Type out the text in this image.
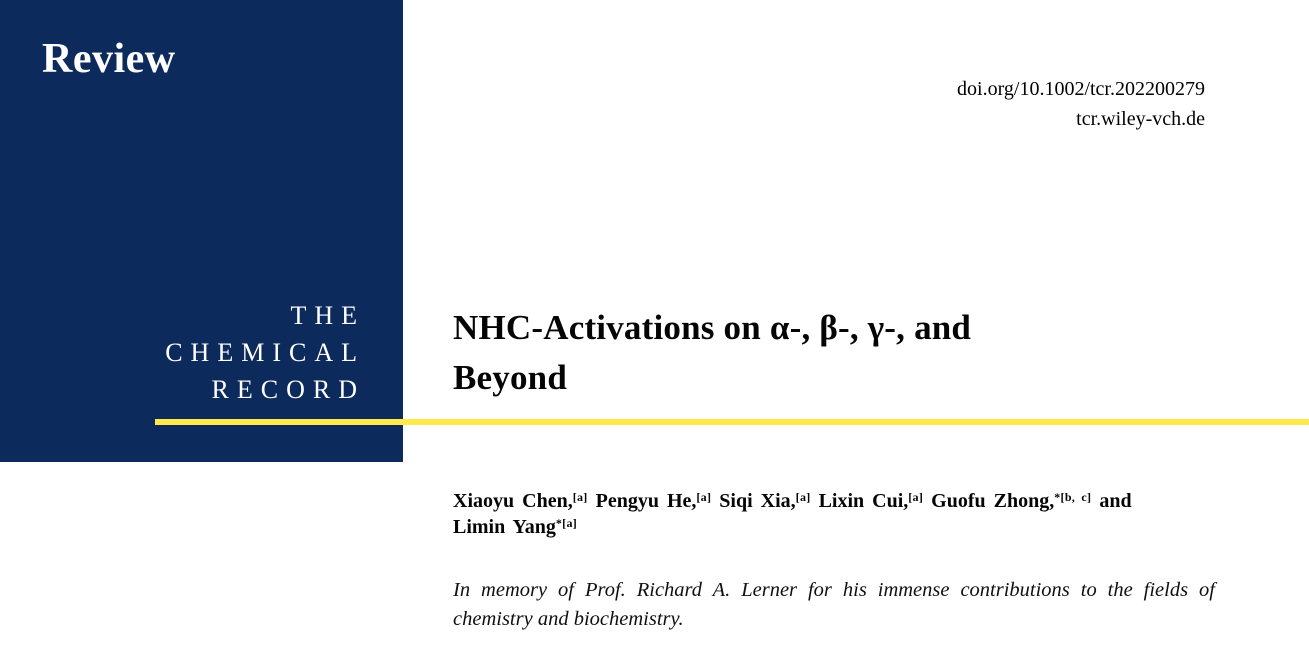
Review
THE
CHEMICAL
RECORD
doi.org/10.1002/tcr.202200279
tcr.wiley-vch.de
NHC-Activations on α-, β-, γ-, and
Beyond
Xiaoyu Chen,[a] Pengyu He,[a] Siqi Xia,[a] Lixin Cui,[a] Guofu Zhong,$^{*[b, c]}$ and
Limin Yang$^{*[a]}$
In memory of Prof. Richard A. Lerner for his immense contributions to the fields of
chemistry and biochemistry.
